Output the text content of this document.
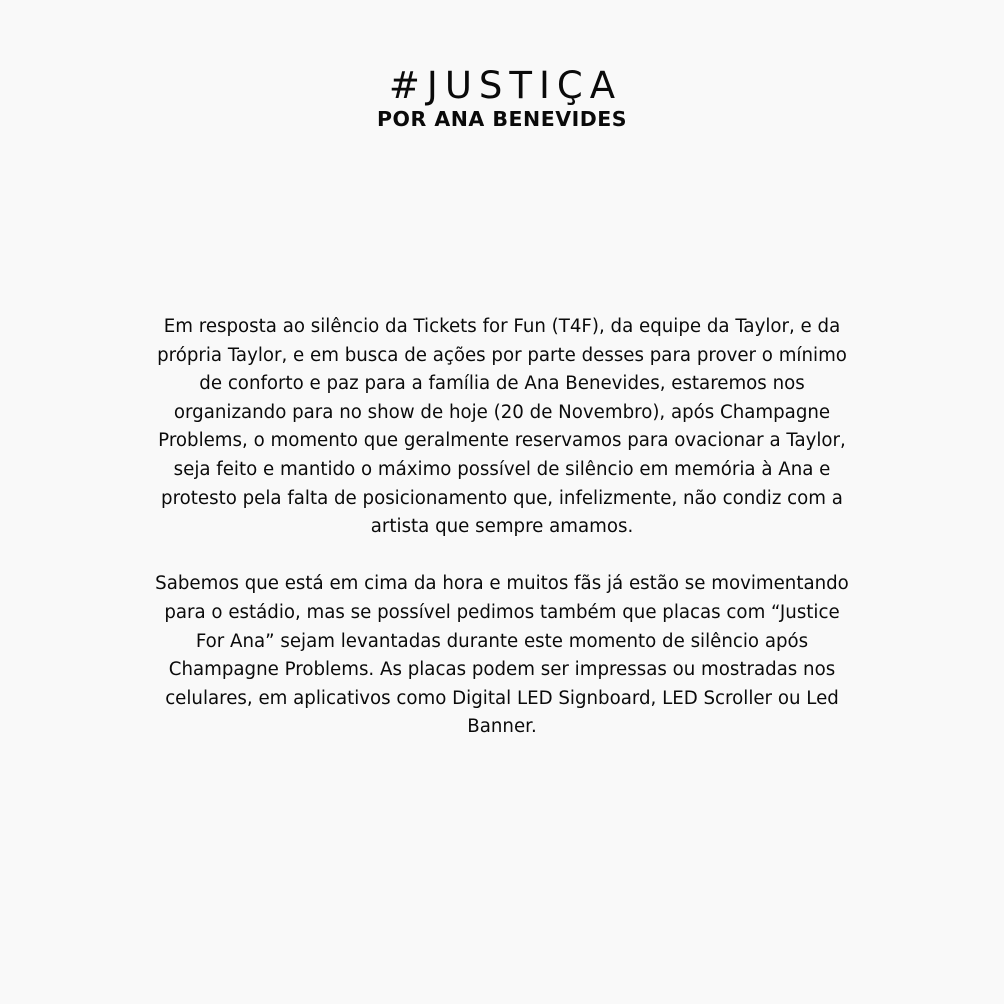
#JUSTIÇA
POR ANA BENEVIDES

Em resposta ao silêncio da Tickets for Fun (T4F), da equipe da Taylor, e da
própria Taylor, e em busca de ações por parte desses para prover o mínimo
de conforto e paz para a família de Ana Benevides, estaremos nos
organizando para no show de hoje (20 de Novembro), após Champagne
Problems, o momento que geralmente reservamos para ovacionar a Taylor,
seja feito e mantido o máximo possível de silêncio em memória à Ana e
protesto pela falta de posicionamento que, infelizmente, não condiz com a
artista que sempre amamos.

Sabemos que está em cima da hora e muitos fãs já estão se movimentando
para o estádio, mas se possível pedimos também que placas com “Justice
For Ana” sejam levantadas durante este momento de silêncio após
Champagne Problems. As placas podem ser impressas ou mostradas nos
celulares, em aplicativos como Digital LED Signboard, LED Scroller ou Led
Banner.
